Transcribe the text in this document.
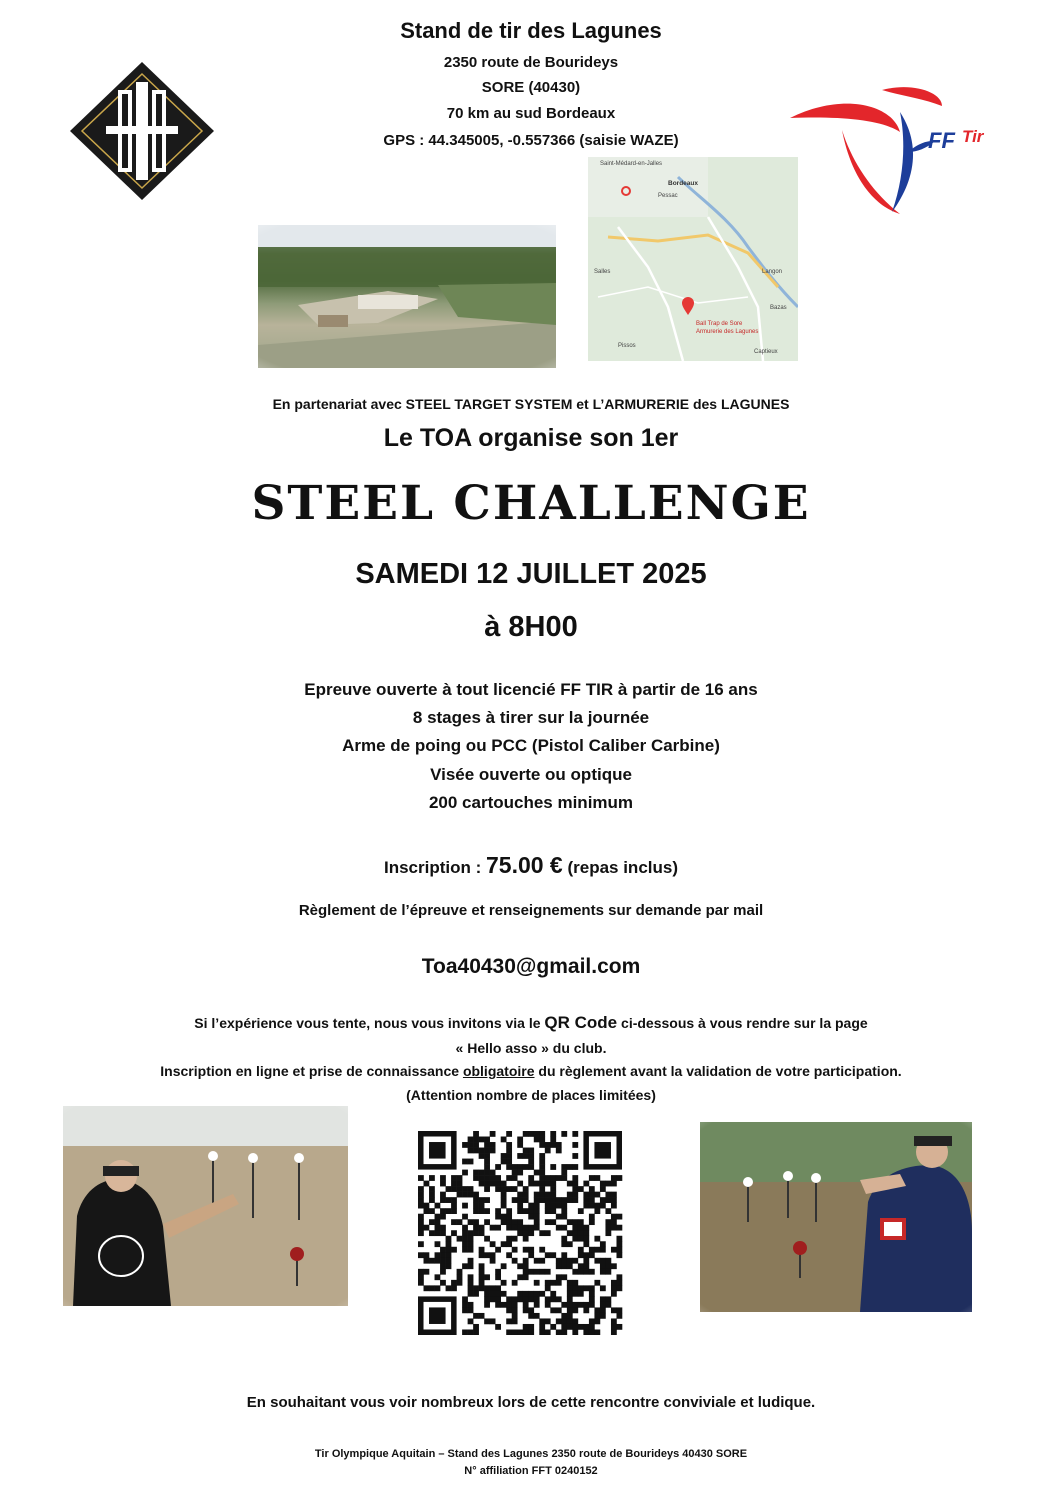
Stand de tir des Lagunes
2350 route de Bourideys
SORE (40430)
70 km au sud Bordeaux
GPS : 44.345005, -0.557366 (saisie WAZE)	FF Tir
Saint-Médard-en-Jalles
Bordeaux
Pessac
Salles	Langon
Bazas
Ball Trap de Sore
Armurerie des Lagunes
Pissos
Captieux
En partenariat avec STEEL TARGET SYSTEM et L’ARMURERIE des LAGUNES
Le TOA organise son 1er
STEEL CHALLENGE
SAMEDI 12 JUILLET 2025
à 8H00
Epreuve ouverte à tout licencié FF TIR à partir de 16 ans
8 stages à tirer sur la journée
Arme de poing ou PCC (Pistol Caliber Carbine)
Visée ouverte ou optique
200 cartouches minimum
Inscription : 75.00 € (repas inclus)
Règlement de l’épreuve et renseignements sur demande par mail
Toa40430@gmail.com
Si l’expérience vous tente, nous vous invitons via le QR Code ci-dessous à vous rendre sur la page
« Hello asso » du club.
Inscription en ligne et prise de connaissance obligatoire du règlement avant la validation de votre participation.
(Attention nombre de places limitées)
En souhaitant vous voir nombreux lors de cette rencontre conviviale et ludique.
Tir Olympique Aquitain – Stand des Lagunes 2350 route de Bourideys 40430 SORE
N° affiliation FFT 0240152
